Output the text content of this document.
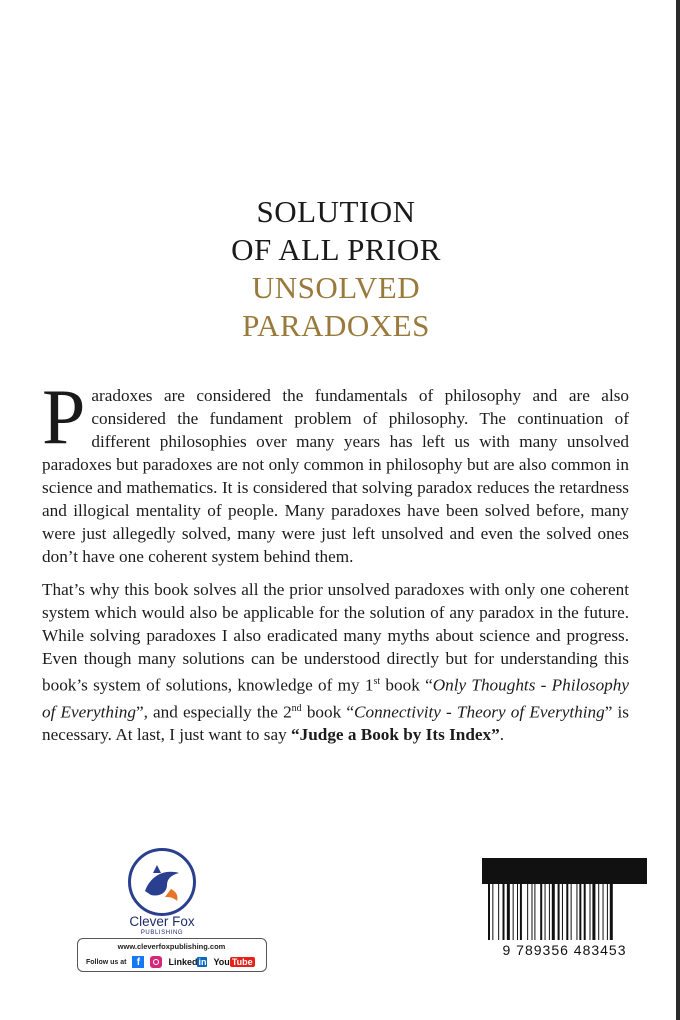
SOLUTION
OF ALL PRIOR
UNSOLVED
PARADOXES
Paradoxes are considered the fundamentals of philosophy and are also considered the fundament problem of philosophy. The continuation of different philosophies over many years has left us with many unsolved paradoxes but paradoxes are not only common in philosophy but are also common in science and mathematics. It is considered that solving paradox reduces the retardness and illogical mentality of people. Many paradoxes have been solved before, many were just allegedly solved, many were just left unsolved and even the solved ones don’t have one coherent system behind them.
That’s why this book solves all the prior unsolved paradoxes with only one coherent system which would also be applicable for the solution of any paradox in the future. While solving paradoxes I also eradicated many myths about science and progress. Even though many solutions can be understood directly but for understanding this book’s system of solutions, knowledge of my 1st book “Only Thoughts - Philosophy of Everything”, and especially the 2nd book “Connectivity - Theory of Everything” is necessary. At last, I just want to say “Judge a Book by Its Index”.
Clever Fox
PUBLISHING
www.cleverfoxpublishing.com
Follow us at	f	Linkedin You Tube
9 789356 483453
